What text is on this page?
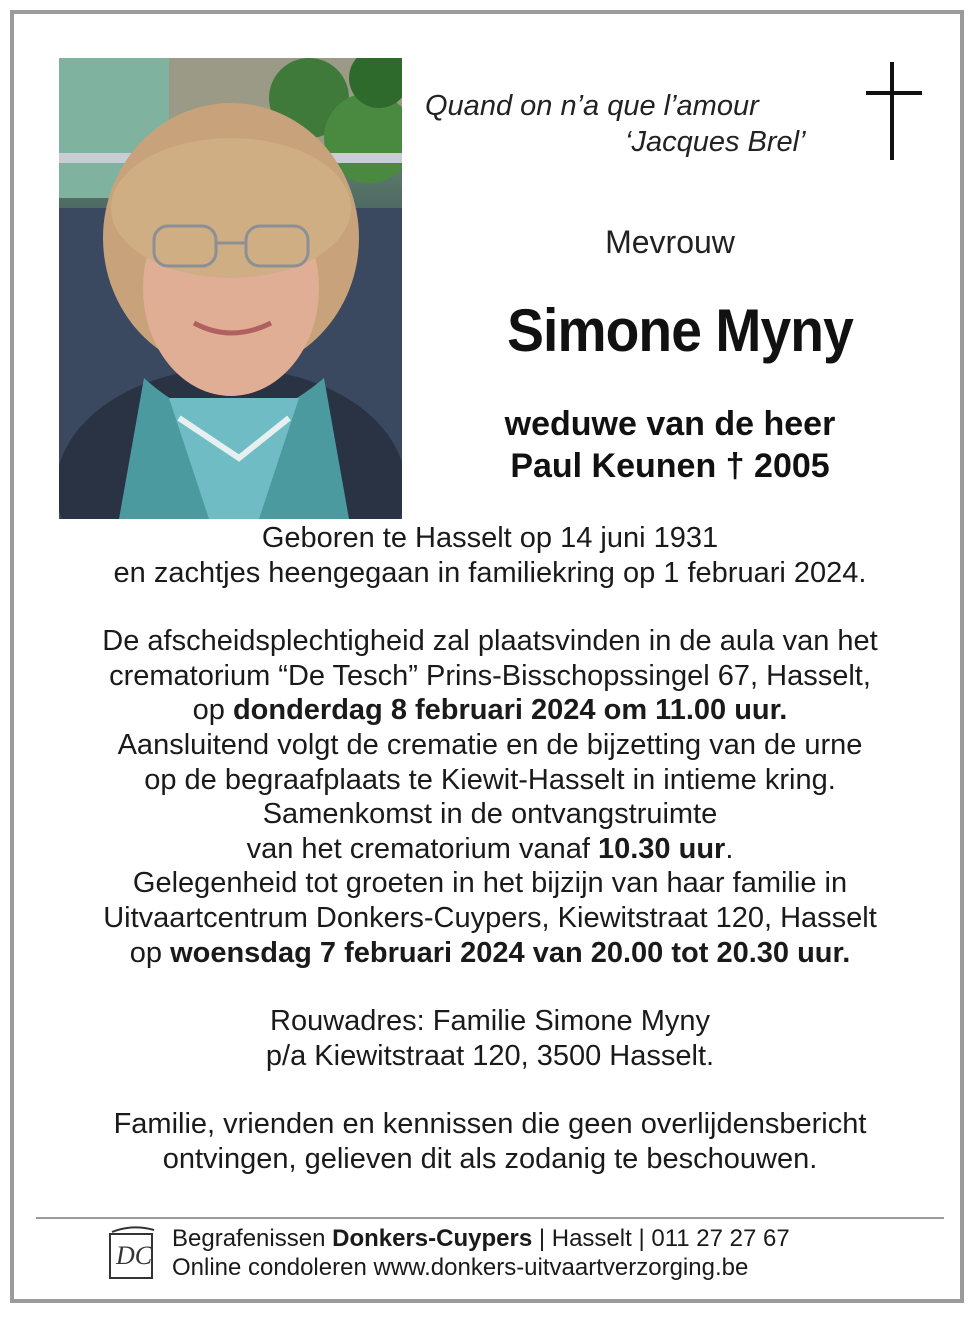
Quand on n’a que l’amour
‘Jacques Brel’
Mevrouw
Simone Myny
weduwe van de heer
Paul Keunen † 2005

Geboren te Hasselt op 14 juni 1931

en zachtjes heengegaan in familiekring op 1 februari 2024.

De afscheidsplechtigheid zal plaatsvinden in de aula van het

crematorium “De Tesch” Prins-Bisschopssingel 67, Hasselt,

op donderdag 8 februari 2024 om 11.00 uur.

Aansluitend volgt de crematie en de bijzetting van de urne

op de begraafplaats te Kiewit-Hasselt in intieme kring.

Samenkomst in de ontvangstruimte

van het crematorium vanaf 10.30 uur.

Gelegenheid tot groeten in het bijzijn van haar familie in

Uitvaartcentrum Donkers-Cuypers, Kiewitstraat 120, Hasselt

op woensdag 7 februari 2024 van 20.00 tot 20.30 uur.

Rouwadres: Familie Simone Myny

p/a Kiewitstraat 120, 3500 Hasselt.

Familie, vrienden en kennissen die geen overlijdensbericht

ontvingen, gelieven dit als zodanig te beschouwen.

DC
Begrafenissen Donkers-Cuypers | Hasselt | 011 27 27 67
Online condoleren www.donkers-uitvaartverzorging.be
